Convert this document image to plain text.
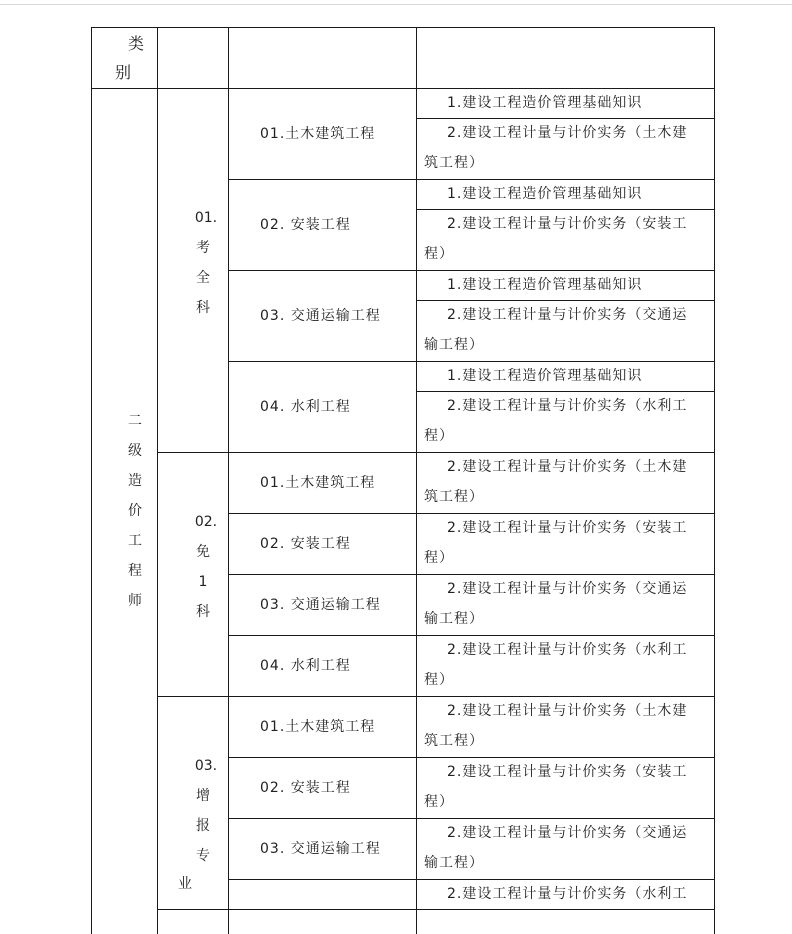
类
别
1.建设工程造价管理基础知识
2.建设工程计量与计价实务（土木建
筑工程）
01.土木建筑工程
1.建设工程造价管理基础知识
2.建设工程计量与计价实务（安装工
程）
02. 安装工程
1.建设工程造价管理基础知识
2.建设工程计量与计价实务（交通运
输工程）
03. 交通运输工程
1.建设工程造价管理基础知识
2.建设工程计量与计价实务（水利工
程）
04. 水利工程
2.建设工程计量与计价实务（土木建
筑工程）
01.土木建筑工程
2.建设工程计量与计价实务（安装工
程）
02. 安装工程
2.建设工程计量与计价实务（交通运
输工程）
03. 交通运输工程
2.建设工程计量与计价实务（水利工
程）
04. 水利工程
2.建设工程计量与计价实务（土木建
筑工程）
01.土木建筑工程
2.建设工程计量与计价实务（安装工
程）
02. 安装工程
2.建设工程计量与计价实务（交通运
输工程）
03. 交通运输工程
2.建设工程计量与计价实务（水利工
01.
考
全
科
02.
免
1
科
03.
增
报
专
业
二
级
造
价
工
程
师
